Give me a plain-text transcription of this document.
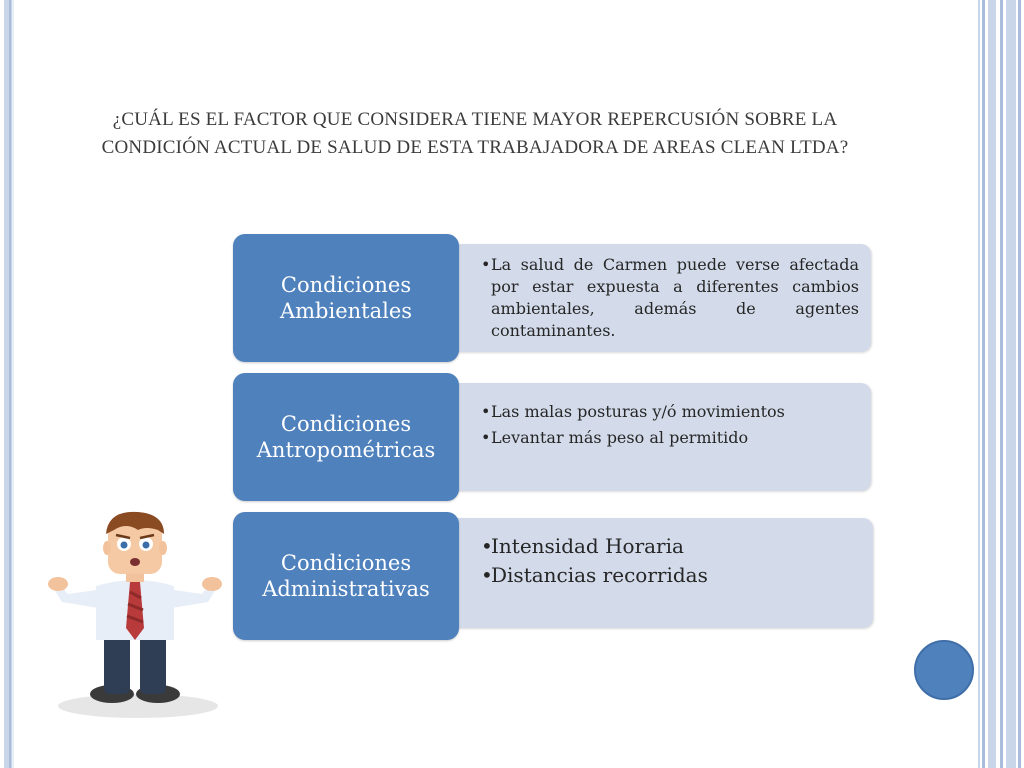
¿CUÁL ES EL FACTOR QUE CONSIDERA TIENE MAYOR REPERCUSIÓN SOBRE LA CONDICIÓN ACTUAL DE SALUD DE ESTA TRABAJADORA DE AREAS CLEAN LTDA?
Condiciones Ambientales
• La salud de Carmen puede verse afectada por estar expuesta a diferentes cambios ambientales, además de agentes contaminantes.
Condiciones Antropométricas
• Las malas posturas y/ó movimientos
• Levantar más peso al permitido
Condiciones Administrativas
• Intensidad Horaria
• Distancias recorridas
